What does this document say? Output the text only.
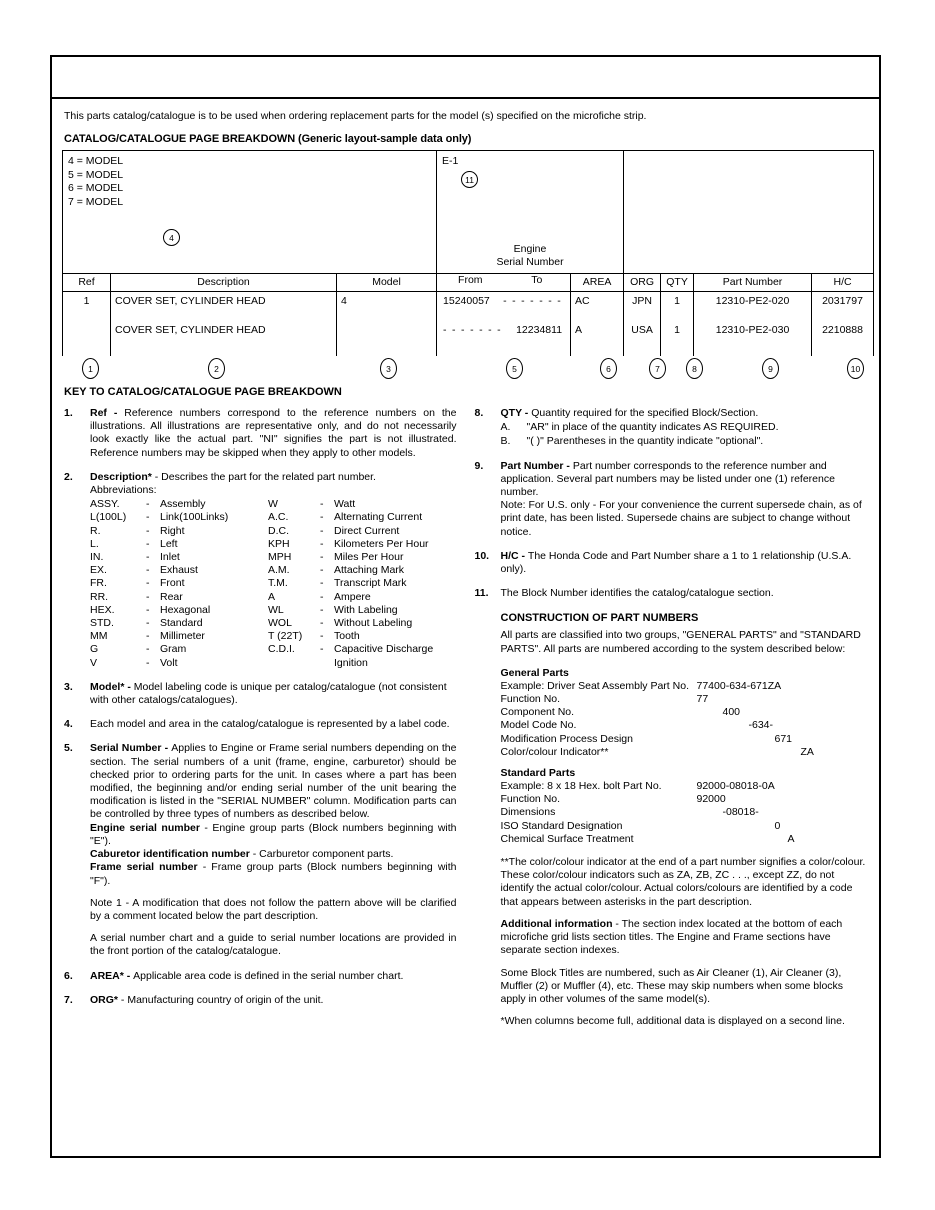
This parts catalog/catalogue is to be used when ordering replacement parts for the model (s) specified on the microfiche strip.
CATALOG/CATALOGUE PAGE BREAKDOWN (Generic layout-sample data only)
4 = MODEL
5 = MODEL
6 = MODEL
7 = MODEL
4

E-1
11
Engine
Serial Number

Ref	Description	Model	From To	AREA	ORG	QTY	Part Number	H/C
1	COVER SET, CYLINDER HEAD	4	15240057 - - - - - - -	AC	JPN	1	12310-PE2-020	2031797
	COVER SET, CYLINDER HEAD		- - - - - - - 12234811	A	USA	1	12310-PE2-030	2210888
1	2	3	5	6	7	8	9	10
KEY TO CATALOG/CATALOGUE PAGE BREAKDOWN
1.	Ref - Reference numbers correspond to the reference numbers on the illustrations. All illustrations are representative only, and do not necessarily look exactly like the actual part. "NI" signifies the part is not illustrated. Reference numbers may be skipped when they apply to other models.
2.	Description* - Describes the part for the related part number.
Abbreviations:
ASSY.	-	Assembly	W	-	Watt
L(100L)	-	Link(100Links)	A.C.	-	Alternating Current
R.	-	Right	D.C.	-	Direct Current
L.	-	Left	KPH	-	Kilometers Per Hour
IN.	-	Inlet	MPH	-	Miles Per Hour
EX.	-	Exhaust	A.M.	-	Attaching Mark
FR.	-	Front	T.M.	-	Transcript Mark
RR.	-	Rear	A	-	Ampere
HEX.	-	Hexagonal	WL	-	With Labeling
STD.	-	Standard	WOL	-	Without Labeling
MM	-	Millimeter	T (22T)	-	Tooth
G	-	Gram	C.D.I.	-	Capacitive Discharge
V	-	Volt	Ignition
3.	Model* - Model labeling code is unique per catalog/catalogue (not consistent with other catalogs/catalogues).
4.	Each model and area in the catalog/catalogue is represented by a label code.
5.	Serial Number - Applies to Engine or Frame serial numbers depending on the section. The serial numbers of a unit (frame, engine, carburetor) should be checked prior to ordering parts for the unit. In cases where a part has been modified, the beginning and/or ending serial number of the unit bearing the modification is listed in the "SERIAL NUMBER" column. Modification parts can be controlled by three types of numbers as described below.
Engine serial number - Engine group parts (Block numbers beginning with "E").
Caburetor identification number - Carburetor component parts.
Frame serial number - Frame group parts (Block numbers beginning with "F").
Note 1 - A modification that does not follow the pattern above will be clarified by a comment located below the part description.
A serial number chart and a guide to serial number locations are provided in the front portion of the catalog/catalogue.
6.	AREA* - Applicable area code is defined in the serial number chart.
7.	ORG* - Manufacturing country of origin of the unit.
8.	QTY - Quantity required for the specified Block/Section.
A.	"AR" in place of the quantity indicates AS REQUIRED.
B.	"( )" Parentheses in the quantity indicate "optional".
9.	Part Number - Part number corresponds to the reference number and application. Several part numbers may be listed under one (1) reference number.
Note: For U.S. only - For your convenience the current supersede chain, as of print date, has been listed. Supersede chains are subject to change without notice.
10.	H/C - The Honda Code and Part Number share a 1 to 1 relationship (U.S.A. only).
11.	The Block Number identifies the catalog/catalogue section.
CONSTRUCTION OF PART NUMBERS
All parts are classified into two groups, "GENERAL PARTS" and "STANDARD PARTS". All parts are numbered according to the system described below:
General Parts
Example: Driver Seat Assembly Part No. 77400-634-671ZA
Function No.	77
Component No.	400
Model Code No.	-634-
Modification Process Design	671
Color/colour Indicator**	ZA
Standard Parts
Example: 8 x 18 Hex. bolt Part No.	92000-08018-0A
Function No.	92000
Dimensions	-08018-
ISO Standard Designation	0
Chemical Surface Treatment	A
**The color/colour indicator at the end of a part number signifies a color/colour. These color/colour indicators such as ZA, ZB, ZC . . ., except ZZ, do not identify the actual color/colour. Actual colors/colours are identified by a code that appears between asterisks in the part description.
Additional information - The section index located at the bottom of each microfiche grid lists section titles. The Engine and Frame sections have separate section indexes.
Some Block Titles are numbered, such as Air Cleaner (1), Air Cleaner (3), Muffler (2) or Muffler (4), etc. These may skip numbers when some blocks apply in other volumes of the same model(s).
*When columns become full, additional data is displayed on a second line.
